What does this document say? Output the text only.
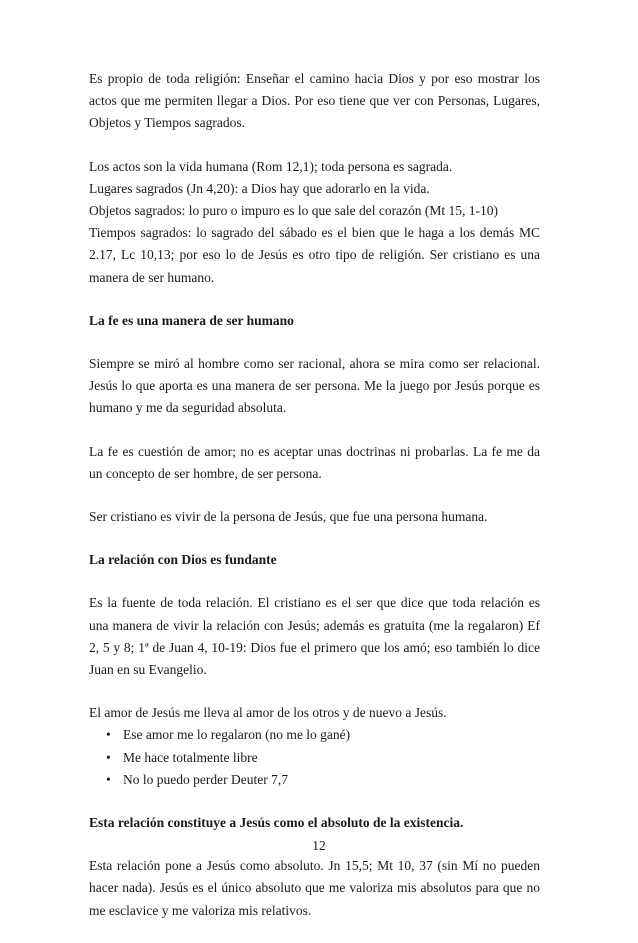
Es propio de toda religión: Enseñar el camino hacia Dios y por eso mostrar los actos que me permiten llegar a Dios. Por eso tiene que ver con Personas, Lugares, Objetos y Tiempos sagrados.

Los actos son la vida humana (Rom 12,1); toda persona es sagrada.
Lugares sagrados (Jn 4,20): a Dios hay que adorarlo en la vida.
Objetos sagrados: lo puro o impuro es lo que sale del corazón (Mt 15, 1-10)

Tiempos sagrados: lo sagrado del sábado es el bien que le haga a los demás MC 2.17, Lc 10,13; por eso lo de Jesús es otro tipo de religión. Ser cristiano es una manera de ser humano.

La fe es una manera de ser humano

Siempre se miró al hombre como ser racional, ahora se mira como ser relacional. Jesús lo que aporta es una manera de ser persona. Me la juego por Jesús porque es humano y me da seguridad absoluta.

La fe es cuestión de amor; no es aceptar unas doctrinas ni probarlas. La fe me da un concepto de ser hombre, de ser persona.

Ser cristiano es vivir de la persona de Jesús, que fue una persona humana.

La relación con Dios es fundante

Es la fuente de toda relación. El cristiano es el ser que dice que toda relación es una manera de vivir la relación con Jesús; además es gratuita (me la regalaron) Ef 2, 5 y 8; 1ª de Juan 4, 10-19: Dios fue el primero que los amó; eso también lo dice Juan en su Evangelio.

El amor de Jesús me lleva al amor de los otros y de nuevo a Jesús.

• Ese amor me lo regalaron (no me lo gané)
• Me hace totalmente libre
• No lo puedo perder Deuter 7,7
Esta relación constituye a Jesús como el absoluto de la existencia.

Esta relación pone a Jesús como absoluto. Jn 15,5; Mt 10, 37 (sin Mí no pueden hacer nada). Jesús es el único absoluto que me valoriza mis absolutos para que no me esclavice y me valoriza mis relativos.

12
